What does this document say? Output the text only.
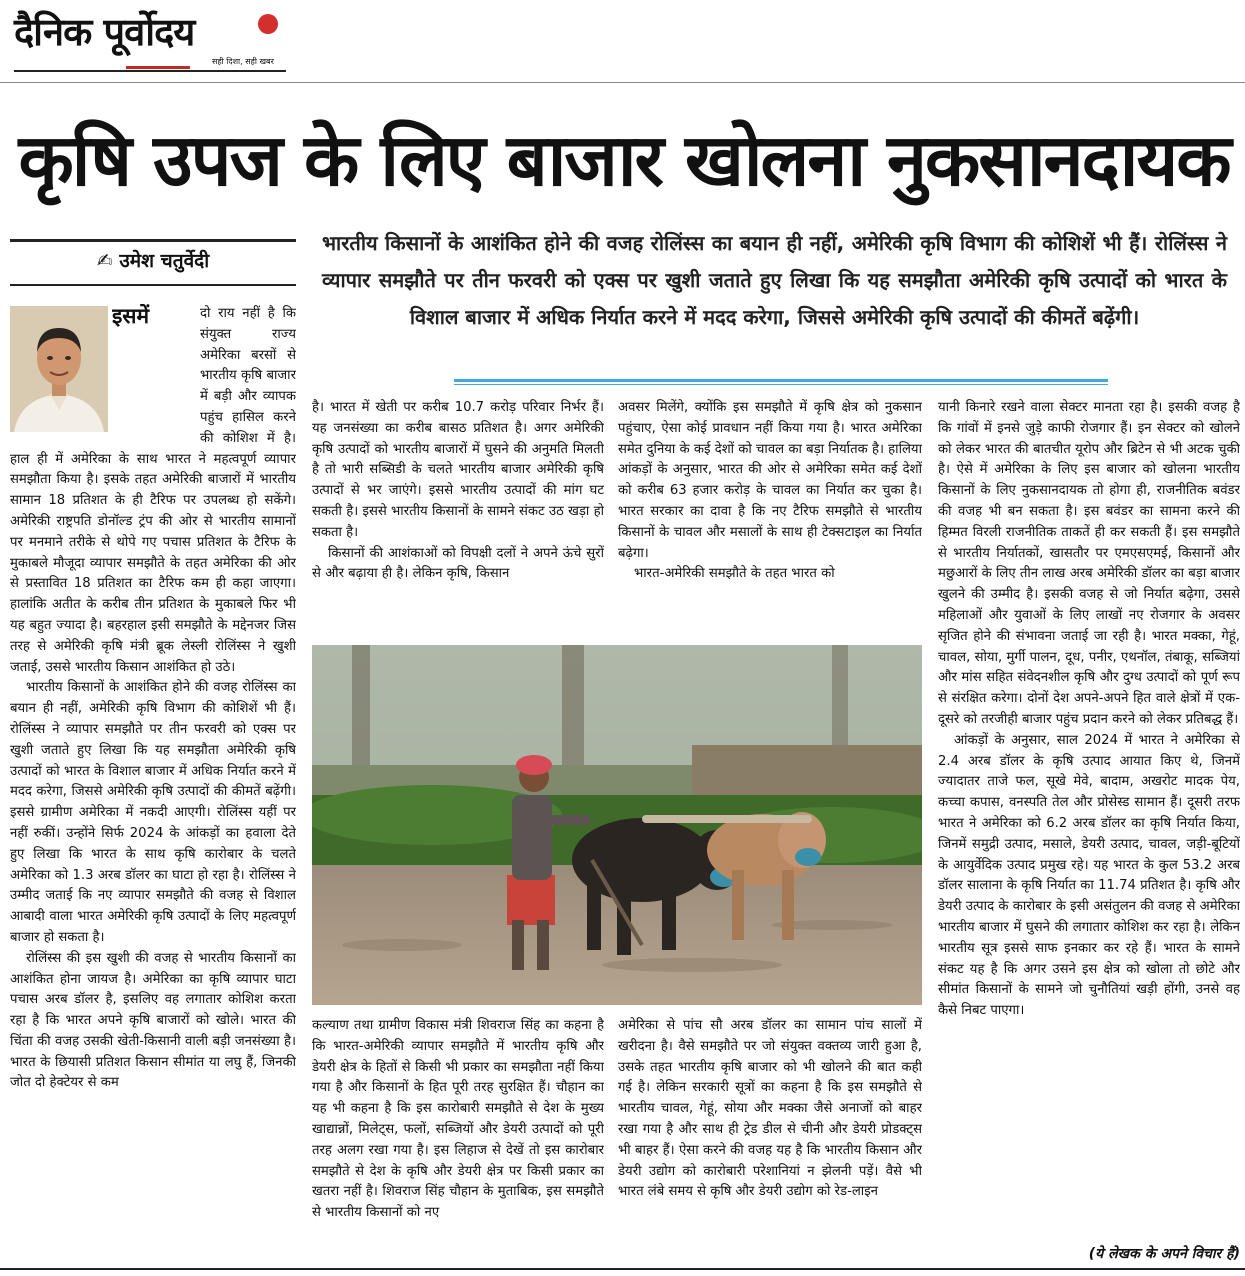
दैनिक पूर्वोदय
सही दिशा, सही खबर
कृषि उपज के लिए बाजार खोलना नुकसानदायक
✍ उमेश चतुर्वेदी
भारतीय किसानों के आशंकित होने की वजह रोलिंस्स का बयान ही नहीं, अमेरिकी कृषि विभाग की कोशिशें भी हैं। रोलिंस्स ने व्यापार समझौते पर तीन फरवरी को एक्स पर खुशी जताते हुए लिखा कि यह समझौता अमेरिकी कृषि उत्पादों को भारत के विशाल बाजार में अधिक निर्यात करने में मदद करेगा, जिससे अमेरिकी कृषि उत्पादों की कीमतें बढ़ेंगी।
इसमें	दो राय नहीं है कि संयुक्त राज्य अमेरिका बरसों से भारतीय कृषि बाजार में बड़ी और व्यापक पहुंच हासिल करने की कोशिश में है। हाल ही में अमेरिका के साथ भारत ने महत्वपूर्ण व्यापार समझौता किया है। इसके तहत अमेरिकी बाजारों में भारतीय सामान 18 प्रतिशत के ही टैरिफ पर उपलब्ध हो सकेंगे। अमेरिकी राष्ट्रपति डोनॉल्ड ट्रंप की ओर से भारतीय सामानों पर मनमाने तरीके से थोपे गए पचास प्रतिशत के टैरिफ के मुकाबले मौजूदा व्यापार समझौते के तहत अमेरिका की ओर से प्रस्तावित 18 प्रतिशत का टैरिफ कम ही कहा जाएगा। हालांकि अतीत के करीब तीन प्रतिशत के मुकाबले फिर भी यह बहुत ज्यादा है। बहरहाल इसी समझौते के मद्देनजर जिस तरह से अमेरिकी कृषि मंत्री ब्रूक लेस्ली रोलिंस्स ने खुशी जताई, उससे भारतीय किसान आशंकित हो उठे।

भारतीय किसानों के आशंकित होने की वजह रोलिंस्स का बयान ही नहीं, अमेरिकी कृषि विभाग की कोशिशें भी हैं। रोलिंस्स ने व्यापार समझौते पर तीन फरवरी को एक्स पर खुशी जताते हुए लिखा कि यह समझौता अमेरिकी कृषि उत्पादों को भारत के विशाल बाजार में अधिक निर्यात करने में मदद करेगा, जिससे अमेरिकी कृषि उत्पादों की कीमतें बढ़ेंगी। इससे ग्रामीण अमेरिका में नकदी आएगी। रोलिंस्स यहीं पर नहीं रुकीं। उन्होंने सिर्फ 2024 के आंकड़ों का हवाला देते हुए लिखा कि भारत के साथ कृषि कारोबार के चलते अमेरिका को 1.3 अरब डॉलर का घाटा हो रहा है। रोलिंस्स ने उम्मीद जताई कि नए व्यापार समझौते की वजह से विशाल आबादी वाला भारत अमेरिकी कृषि उत्पादों के लिए महत्वपूर्ण बाजार हो सकता है।

रोलिंस्स की इस खुशी की वजह से भारतीय किसानों का आशंकित होना जायज है। अमेरिका का कृषि व्यापार घाटा पचास अरब डॉलर है, इसलिए वह लगातार कोशिश करता रहा है कि भारत अपने कृषि बाजारों को खोले। भारत की चिंता की वजह उसकी खेती-किसानी वाली बड़ी जनसंख्या है। भारत के छियासी प्रतिशत किसान सीमांत या लघु हैं, जिनकी जोत दो हेक्टेयर से कम

है। भारत में खेती पर करीब 10.7 करोड़ परिवार निर्भर हैं। यह जनसंख्या का करीब बासठ प्रतिशत है। अगर अमेरिकी कृषि उत्पादों को भारतीय बाजारों में घुसने की अनुमति मिलती है तो भारी सब्सिडी के चलते भारतीय बाजार अमेरिकी कृषि उत्पादों से भर जाएंगे। इससे भारतीय उत्पादों की मांग घट सकती है। इससे भारतीय किसानों के सामने संकट उठ खड़ा हो सकता है।

किसानों की आशंकाओं को विपक्षी दलों ने अपने ऊंचे सुरों से और बढ़ाया ही है। लेकिन कृषि, किसान

अवसर मिलेंगे, क्योंकि इस समझौते में कृषि क्षेत्र को नुकसान पहुंचाए, ऐसा कोई प्रावधान नहीं किया गया है। भारत अमेरिका समेत दुनिया के कई देशों को चावल का बड़ा निर्यातक है। हालिया आंकड़ों के अनुसार, भारत की ओर से अमेरिका समेत कई देशों को करीब 63 हजार करोड़ के चावल का निर्यात कर चुका है। भारत सरकार का दावा है कि नए टैरिफ समझौते से भारतीय किसानों के चावल और मसालों के साथ ही टेक्सटाइल का निर्यात बढ़ेगा।

भारत-अमेरिकी समझौते के तहत भारत को

कल्याण तथा ग्रामीण विकास मंत्री शिवराज सिंह का कहना है कि भारत-अमेरिकी व्यापार समझौते में भारतीय कृषि और डेयरी क्षेत्र के हितों से किसी भी प्रकार का समझौता नहीं किया गया है और किसानों के हित पूरी तरह सुरक्षित हैं। चौहान का यह भी कहना है कि इस कारोबारी समझौते से देश के मुख्य खाद्यान्नों, मिलेट्स, फलों, सब्जियों और डेयरी उत्पादों को पूरी तरह अलग रखा गया है। इस लिहाज से देखें तो इस कारोबार समझौते से देश के कृषि और डेयरी क्षेत्र पर किसी प्रकार का खतरा नहीं है। शिवराज सिंह चौहान के मुताबिक, इस समझौते से भारतीय किसानों को नए

अमेरिका से पांच सौ अरब डॉलर का सामान पांच सालों में खरीदना है। वैसे समझौते पर जो संयुक्त वक्तव्य जारी हुआ है, उसके तहत भारतीय कृषि बाजार को भी खोलने की बात कही गई है। लेकिन सरकारी सूत्रों का कहना है कि इस समझौते से भारतीय चावल, गेहूं, सोया और मक्का जैसे अनाजों को बाहर रखा गया है और साथ ही ट्रेड डील से चीनी और डेयरी प्रोडक्ट्स भी बाहर हैं। ऐसा करने की वजह यह है कि भारतीय किसान और डेयरी उद्योग को कारोबारी परेशानियां न झेलनी पड़ें। वैसे भी भारत लंबे समय से कृषि और डेयरी उद्योग को रेड-लाइन

यानी किनारे रखने वाला सेक्टर मानता रहा है। इसकी वजह है कि गांवों में इनसे जुड़े काफी रोजगार हैं। इन सेक्टर को खोलने को लेकर भारत की बातचीत यूरोप और ब्रिटेन से भी अटक चुकी है। ऐसे में अमेरिका के लिए इस बाजार को खोलना भारतीय किसानों के लिए नुकसानदायक तो होगा ही, राजनीतिक बवंडर की वजह भी बन सकता है। इस बवंडर का सामना करने की हिम्मत विरली राजनीतिक ताकतें ही कर सकती हैं। इस समझौते से भारतीय निर्यातकों, खासतौर पर एमएसएमई, किसानों और मछुआरों के लिए तीन लाख अरब अमेरिकी डॉलर का बड़ा बाजार खुलने की उम्मीद है। इसकी वजह से जो निर्यात बढ़ेगा, उससे महिलाओं और युवाओं के लिए लाखों नए रोजगार के अवसर सृजित होने की संभावना जताई जा रही है। भारत मक्का, गेहूं, चावल, सोया, मुर्गी पालन, दूध, पनीर, एथनॉल, तंबाकू, सब्जियां और मांस सहित संवेदनशील कृषि और दुग्ध उत्पादों को पूर्ण रूप से संरक्षित करेगा। दोनों देश अपने-अपने हित वाले क्षेत्रों में एक-दूसरे को तरजीही बाजार पहुंच प्रदान करने को लेकर प्रतिबद्ध हैं।

आंकड़ों के अनुसार, साल 2024 में भारत ने अमेरिका से 2.4 अरब डॉलर के कृषि उत्पाद आयात किए थे, जिनमें ज्यादातर ताजे फल, सूखे मेवे, बादाम, अखरोट मादक पेय, कच्चा कपास, वनस्पति तेल और प्रोसेस्ड सामान हैं। दूसरी तरफ भारत ने अमेरिका को 6.2 अरब डॉलर का कृषि निर्यात किया, जिनमें समुद्री उत्पाद, मसाले, डेयरी उत्पाद, चावल, जड़ी-बूटियों के आयुर्वेदिक उत्पाद प्रमुख रहे। यह भारत के कुल 53.2 अरब डॉलर सालाना के कृषि निर्यात का 11.74 प्रतिशत है। कृषि और डेयरी उत्पाद के कारोबार के इसी असंतुलन की वजह से अमेरिका भारतीय बाजार में घुसने की लगातार कोशिश कर रहा है। लेकिन भारतीय सूत्र इससे साफ इनकार कर रहे हैं। भारत के सामने संकट यह है कि अगर उसने इस क्षेत्र को खोला तो छोटे और सीमांत किसानों के सामने जो चुनौतियां खड़ी होंगी, उनसे वह कैसे निबट पाएगा।

(ये लेखक के अपने विचार हैं)
